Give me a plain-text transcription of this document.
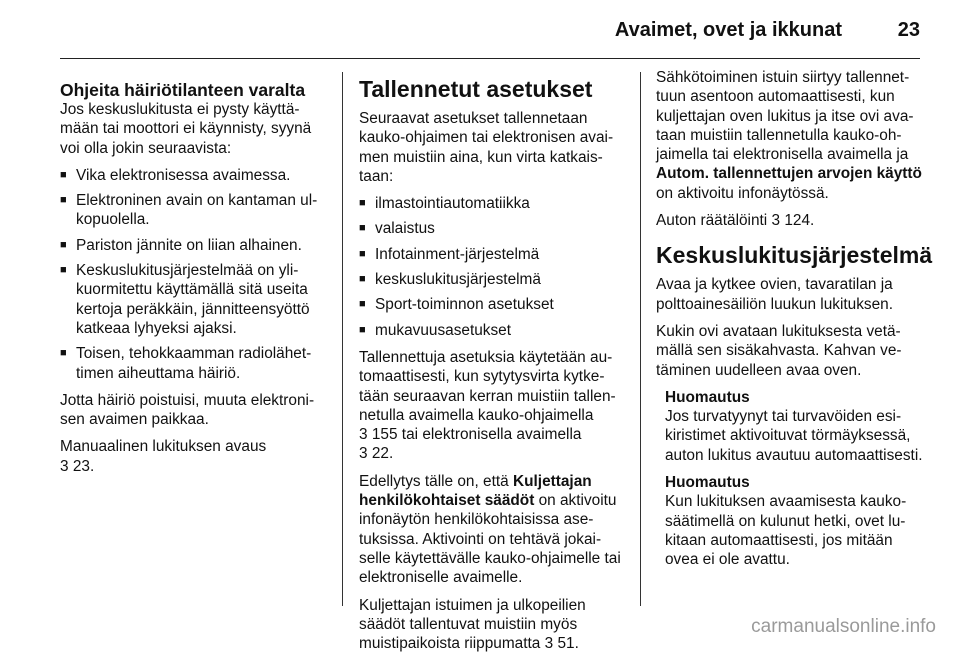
Avaimet, ovet ja ikkunat	23
Ohjeita häiriötilanteen varalta

Jos keskuslukitusta ei pysty käyttämään tai moottori ei käynnisty, syynä voi olla jokin seuraavista:

■ Vika elektronisessa avaimessa.
■ Elektroninen avain on kantaman ulkopuolella.
■ Pariston jännite on liian alhainen.
■ Keskuslukitusjärjestelmää on ylikuormitettu käyttämällä sitä useita kertoja peräkkäin, jännitteensyöttö katkeaa lyhyeksi ajaksi.
■ Toisen, tehokkaamman radiolähettimen aiheuttama häiriö.

Jotta häiriö poistuisi, muuta elektronisen avaimen paikkaa.

Manuaalinen lukituksen avaus
3 23.

Tallennetut asetukset

Seuraavat asetukset tallennetaan kauko-ohjaimen tai elektronisen avaimen muistiin aina, kun virta katkaistaan:

■ ilmastointiautomatiikka
■ valaistus
■ Infotainment-järjestelmä
■ keskuslukitusjärjestelmä
■ Sport-toiminnon asetukset
■ mukavuusasetukset

Tallennettuja asetuksia käytetään automaattisesti, kun sytytysvirta kytketään seuraavan kerran muistiin tallennetulla avaimella kauko-ohjaimella
3 155 tai elektronisella avaimella
3 22.

Edellytys tälle on, että Kuljettajan henkilökohtaiset säädöt on aktivoitu infonäytön henkilökohtaisissa asetuksissa. Aktivointi on tehtävä jokaiselle käytettävälle kauko-ohjaimelle tai elektroniselle avaimelle.

Kuljettajan istuimen ja ulkopeilien säädöt tallentuvat muistiin myös muistipaikoista riippumatta 3 51.

Sähkötoiminen istuin siirtyy tallennettuun asentoon automaattisesti, kun kuljettajan oven lukitus ja itse ovi avataan muistiin tallennetulla kauko-ohjaimella tai elektronisella avaimella ja Autom. tallennettujen arvojen käyttö on aktivoitu infonäytössä.

Auton räätälöinti 3 124.

Keskuslukitusjärjestelmä

Avaa ja kytkee ovien, tavaratilan ja polttoainesäiliön luukun lukituksen.

Kukin ovi avataan lukituksesta vetämällä sen sisäkahvasta. Kahvan vetäminen uudelleen avaa oven.

Huomautus
Jos turvatyynyt tai turvavöiden esikiristimet aktivoituvat törmäyksessä, auton lukitus avautuu automaattisesti.
Huomautus
Kun lukituksen avaamisesta kauko-säätimellä on kulunut hetki, ovet lukitaan automaattisesti, jos mitään ovea ei ole avattu.
carmanualsonline.info
